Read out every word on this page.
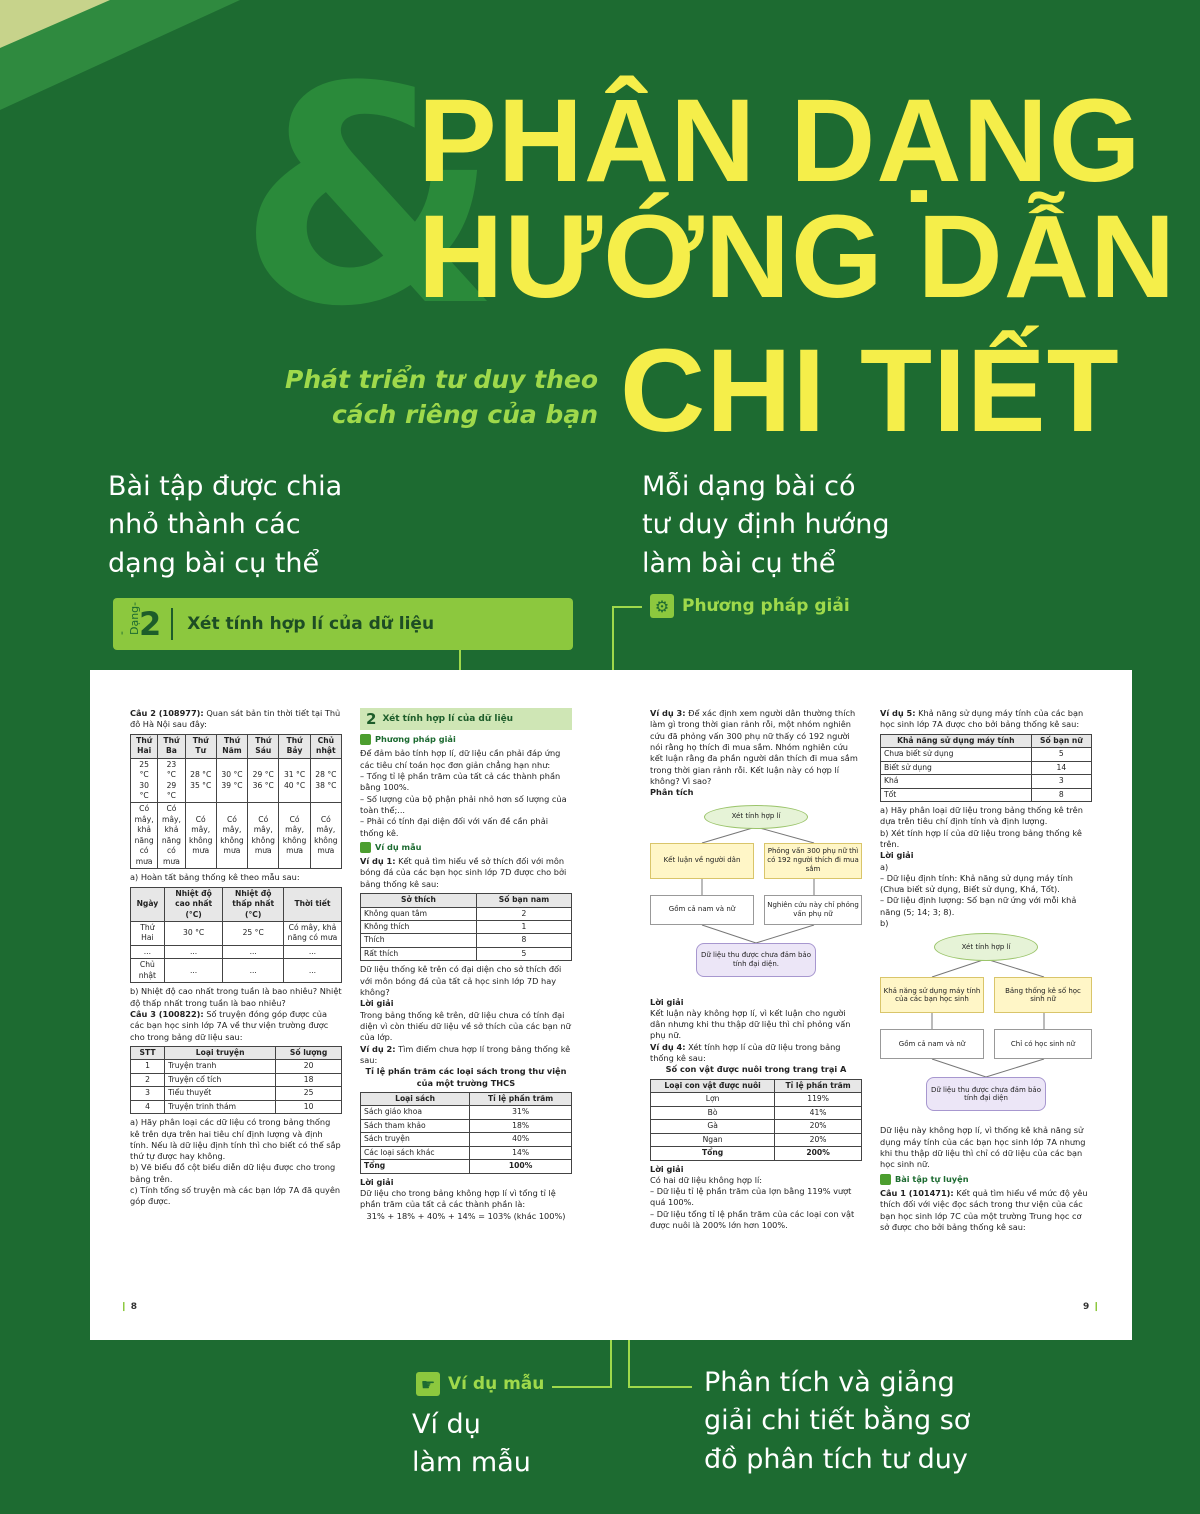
&
PHÂN DẠNG
HƯỚNG DẪN
CHI TIẾT
Phát triển tư duy theo
cách riêng của bạn
Bài tập được chia
nhỏ thành các
dạng bài cụ thể
Mỗi dạng bài có
tư duy định hướng
làm bài cụ thể
-Dạng-
2 Xét tính hợp lí của dữ liệu
⚙ Phương pháp giải
Câu 2 (108977): Quan sát bản tin thời tiết tại Thủ đô Hà Nội sau đây:
Thứ Hai	Thứ Ba	Thứ Tư	Thứ Năm	Thứ Sáu	Thứ Bảy	Chủ nhật
25 °C 30 °C	23 °C 29 °C	28 °C 35 °C	30 °C 39 °C	29 °C 36 °C	31 °C 40 °C	28 °C 38 °C
Có mây, khả năng có mưa	Có mây, khả năng có mưa	Có mây, không mưa	Có mây, không mưa	Có mây, không mưa	Có mây, không mưa	Có mây, không mưa
a) Hoàn tất bảng thống kê theo mẫu sau:
Ngày	Nhiệt độ cao nhất (°C)	Nhiệt độ thấp nhất (°C)	Thời tiết
Thứ Hai	30 °C	25 °C	Có mây, khả năng có mưa
...	...	...	...
Chủ nhật	...	...	...
b) Nhiệt độ cao nhất trong tuần là bao nhiêu? Nhiệt độ thấp nhất trong tuần là bao nhiêu?
Câu 3 (100822): Số truyện đóng góp được của các bạn học sinh lớp 7A về thư viện trường được cho trong bảng dữ liệu sau:
STT	Loại truyện	Số lượng
1	Truyện tranh	20
2	Truyện cổ tích	18
3	Tiểu thuyết	25
4	Truyện trinh thám	10
a) Hãy phân loại các dữ liệu có trong bảng thống kê trên dựa trên hai tiêu chí định lượng và định tính. Nếu là dữ liệu định tính thì cho biết có thể sắp thứ tự được hay không.
b) Vẽ biểu đồ cột biểu diễn dữ liệu được cho trong bảng trên.
c) Tính tổng số truyện mà các bạn lớp 7A đã quyên góp được.
2 Xét tính hợp lí của dữ liệu
Phương pháp giải
Để đảm bảo tính hợp lí, dữ liệu cần phải đáp ứng các tiêu chí toán học đơn giản chẳng hạn như:
– Tổng tỉ lệ phần trăm của tất cả các thành phần bằng 100%.
– Số lượng của bộ phận phải nhỏ hơn số lượng của toàn thể;...
– Phải có tính đại diện đối với vấn đề cần phải thống kê.
Ví dụ mẫu
Ví dụ 1: Kết quả tìm hiểu về sở thích đối với môn bóng đá của các bạn học sinh lớp 7D được cho bởi bảng thống kê sau:
Sở thích	Số bạn nam
Không quan tâm	2
Không thích	1
Thích	8
Rất thích	5
Dữ liệu thống kê trên có đại diện cho sở thích đối với môn bóng đá của tất cả học sinh lớp 7D hay không?
Lời giải
Trong bảng thống kê trên, dữ liệu chưa có tính đại diện vì còn thiếu dữ liệu về sở thích của các bạn nữ của lớp.
Ví dụ 2: Tìm điểm chưa hợp lí trong bảng thống kê sau:
Tỉ lệ phần trăm các loại sách trong thư viện của một trường THCS
Loại sách	Tỉ lệ phần trăm
Sách giáo khoa	31%
Sách tham khảo	18%
Sách truyện	40%
Các loại sách khác	14%
Tổng	100%
Lời giải
Dữ liệu cho trong bảng không hợp lí vì tổng tỉ lệ phần trăm của tất cả các thành phần là:
31% + 18% + 40% + 14% = 103% (khác 100%)
❙ 8
Ví dụ 3: Để xác định xem người dân thường thích làm gì trong thời gian rảnh rỗi, một nhóm nghiên cứu đã phỏng vấn 300 phụ nữ thấy có 192 người nói rằng họ thích đi mua sắm. Nhóm nghiên cứu kết luận rằng đa phần người dân thích đi mua sắm trong thời gian rảnh rỗi. Kết luận này có hợp lí không? Vì sao?
Phân tích
Xét tính hợp lí
Kết luận về người dân
Phỏng vấn 300 phụ nữ thì có 192 người thích đi mua sắm
Gồm cả nam và nữ
Nghiên cứu này chỉ phỏng vấn phụ nữ
Dữ liệu thu được chưa đảm bảo tính đại diện.
Lời giải
Kết luận này không hợp lí, vì kết luận cho người dân nhưng khi thu thập dữ liệu thì chỉ phỏng vấn phụ nữ.
Ví dụ 4: Xét tính hợp lí của dữ liệu trong bảng thống kê sau:
Số con vật được nuôi trong trang trại A
Loại con vật được nuôi	Tỉ lệ phần trăm
Lợn	119%
Bò	41%
Gà	20%
Ngan	20%
Tổng	200%
Lời giải
Có hai dữ liệu không hợp lí:
– Dữ liệu tỉ lệ phần trăm của lợn bằng 119% vượt quá 100%.
– Dữ liệu tổng tỉ lệ phần trăm của các loại con vật được nuôi là 200% lớn hơn 100%.
Ví dụ 5: Khả năng sử dụng máy tính của các bạn học sinh lớp 7A được cho bởi bảng thống kê sau:
Khả năng sử dụng máy tính	Số bạn nữ
Chưa biết sử dụng	5
Biết sử dụng	14
Khá	3
Tốt	8
a) Hãy phân loại dữ liệu trong bảng thống kê trên dựa trên tiêu chí định tính và định lượng.
b) Xét tính hợp lí của dữ liệu trong bảng thống kê trên.
Lời giải
a)
– Dữ liệu định tính: Khả năng sử dụng máy tính (Chưa biết sử dụng, Biết sử dụng, Khá, Tốt).
– Dữ liệu định lượng: Số bạn nữ ứng với mỗi khả năng (5; 14; 3; 8).
b)
Xét tính hợp lí
Khả năng sử dụng máy tính của các bạn học sinh
Bảng thống kê số học sinh nữ
Gồm cả nam và nữ	Chỉ có học sinh nữ
Dữ liệu thu được chưa đảm bảo tính đại diện
Dữ liệu này không hợp lí, vì thống kê khả năng sử dụng máy tính của các bạn học sinh lớp 7A nhưng khi thu thập dữ liệu thì chỉ có dữ liệu của các bạn học sinh nữ.
Bài tập tự luyện
Câu 1 (101471): Kết quả tìm hiểu về mức độ yêu thích đối với việc đọc sách trong thư viện của các bạn học sinh lớp 7C của một trường Trung học cơ sở được cho bởi bảng thống kê sau:
9 ❙
☛ Ví dụ mẫu
Ví dụ
làm mẫu
Phân tích và giảng
giải chi tiết bằng sơ
đồ phân tích tư duy
